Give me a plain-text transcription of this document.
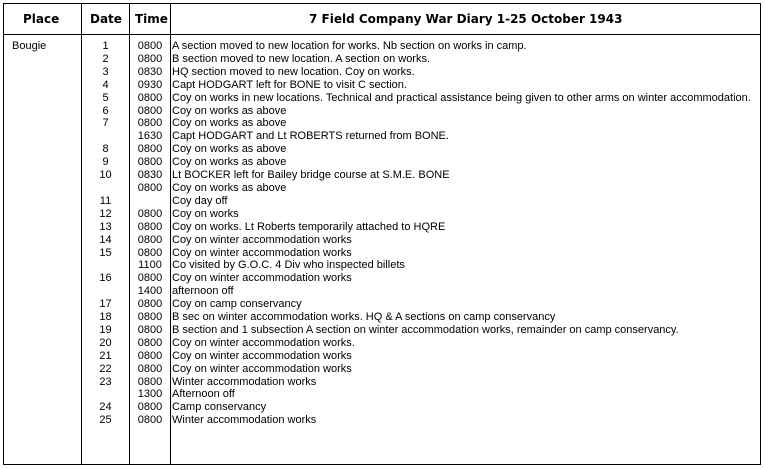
Place	Date Time	7 Field Company War Diary 1-25 October 1943
Bougie	1	0800 A section moved to new location for works. Nb section on works in camp.
2	0800 B section moved to new location. A section on works.
3	0830 HQ section moved to new location. Coy on works.
4	0930 Capt HODGART left for BONE to visit C section.
5	0800 Coy on works in new locations. Technical and practical assistance being given to other arms on winter accommodation.
6	0800 Coy on works as above
7	0800 Coy on works as above
1630 Capt HODGART and Lt ROBERTS returned from BONE.
8	0800 Coy on works as above
9	0800 Coy on works as above
10	0830 Lt BOCKER left for Bailey bridge course at S.M.E. BONE
0800 Coy on works as above
11	Coy day off
12	0800 Coy on works
13	0800 Coy on works. Lt Roberts temporarily attached to HQRE
14	0800 Coy on winter accommodation works
15	0800 Coy on winter accommodation works
1100 Co visited by G.O.C. 4 Div who inspected billets
16	0800 Coy on winter accommodation works
1400 afternoon off
17	0800 Coy on camp conservancy
18	0800 B sec on winter accommodation works. HQ & A sections on camp conservancy
19	0800 B section and 1 subsection A section on winter accommodation works, remainder on camp conservancy.
20	0800 Coy on winter accommodation works.
21	0800 Coy on winter accommodation works
22	0800 Coy on winter accommodation works
23	0800 Winter accommodation works
1300 Afternoon off
24	0800 Camp conservancy
25	0800 Winter accommodation works
